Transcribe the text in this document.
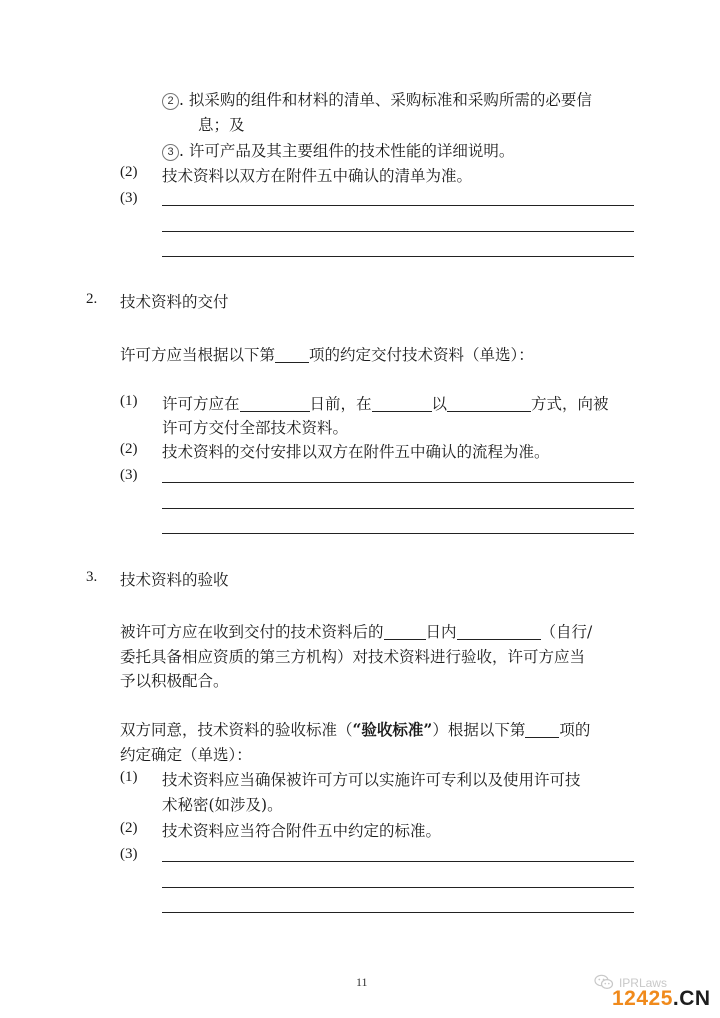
2 . 拟采购的组件和材料的清单、采购标准和采购所需的必要信
息；及
3 . 许可产品及其主要组件的技术性能的详细说明。
(2) 技术资料以双方在附件五中确认的清单为准。
(3)
2. 技术资料的交付
许可方应当根据以下第 项的约定交付技术资料（单选）：
(1) 许可方应在	日前，在	以	方式，向被
许可方交付全部技术资料。
(2) 技术资料的交付安排以双方在附件五中确认的流程为准。
(3)
3. 技术资料的验收
被许可方应在收到交付的技术资料后的	日内	（自行/
委托具备相应资质的第三方机构）对技术资料进行验收，许可方应当
予以积极配合。
双方同意，技术资料的验收标准（“验收标准”）根据以下第 项的
约定确定（单选）：
(1) 技术资料应当确保被许可方可以实施许可专利以及使用许可技
术秘密(如涉及)。
(2) 技术资料应当符合附件五中约定的标准。
(3)
11	IPRLaws
12425.CN
